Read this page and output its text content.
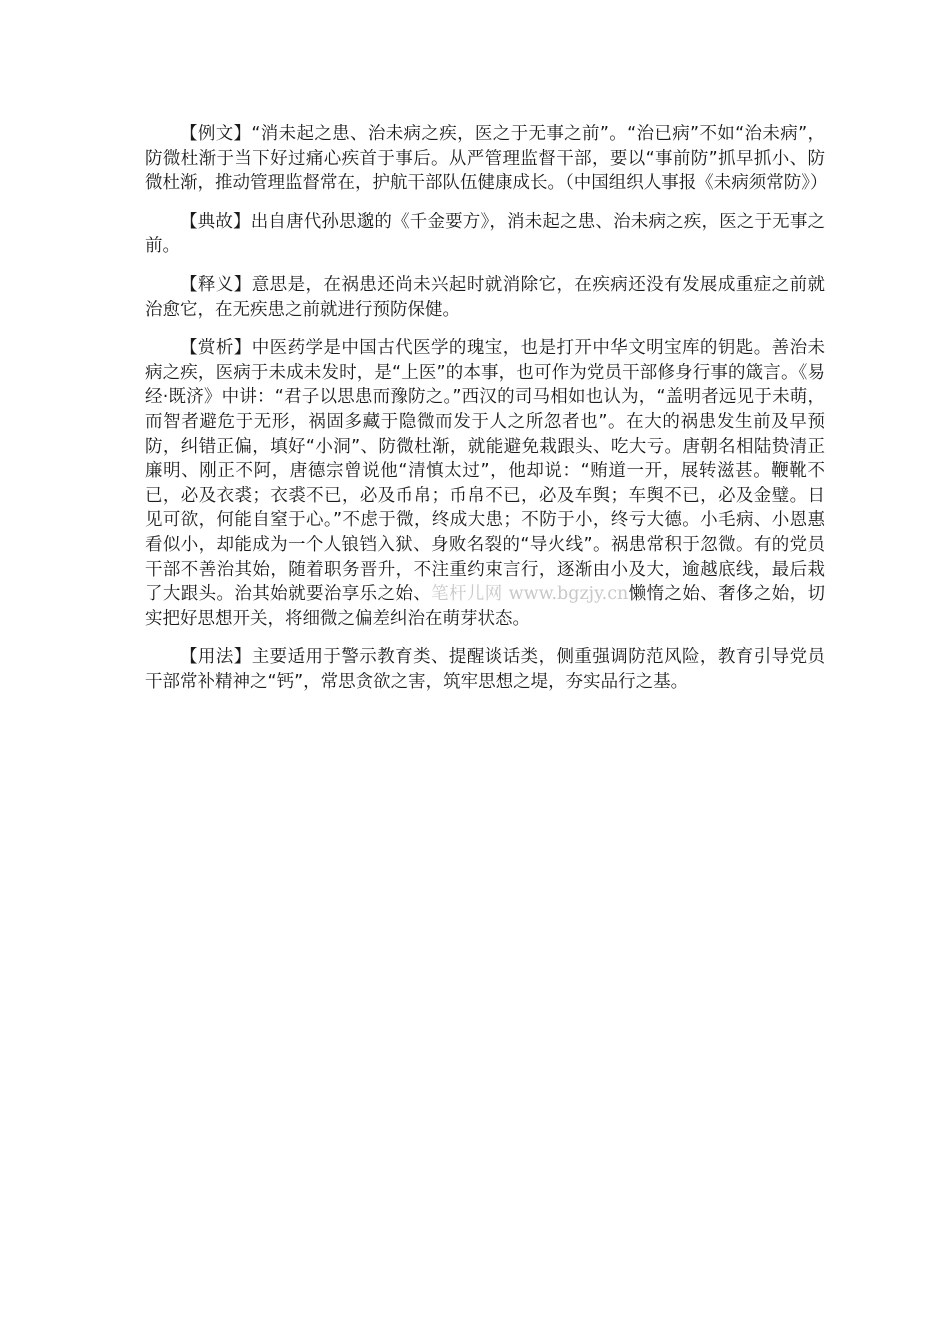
【例文】“消未起之患、治未病之疾，医之于无事之前”。“治已病”不如“治未病”，防微杜渐于当下好过痛心疾首于事后。从严管理监督干部，要以“事前防”抓早抓小、防微杜渐，推动管理监督常在，护航干部队伍健康成长。（中国组织人事报《未病须常防》）

【典故】出自唐代孙思邈的《千金要方》，消未起之患、治未病之疾，医之于无事之前。

【释义】意思是，在祸患还尚未兴起时就消除它，在疾病还没有发展成重症之前就治愈它，在无疾患之前就进行预防保健。

【赏析】中医药学是中国古代医学的瑰宝，也是打开中华文明宝库的钥匙。善治未病之疾，医病于未成未发时，是“上医”的本事，也可作为党员干部修身行事的箴言。《易经·既济》中讲：“君子以思患而豫防之。”西汉的司马相如也认为，“盖明者远见于未萌，而智者避危于无形，祸固多藏于隐微而发于人之所忽者也”。在大的祸患发生前及早预防，纠错正偏，填好“小洞”、防微杜渐，就能避免栽跟头、吃大亏。唐朝名相陆贽清正廉明、刚正不阿，唐德宗曾说他“清慎太过”，他却说：“贿道一开，展转滋甚。鞭靴不已，必及衣裘；衣裘不已，必及币帛；币帛不已，必及车舆；车舆不已，必及金璧。日见可欲，何能自窒于心。”不虑于微，终成大患；不防于小，终亏大德。小毛病、小恩惠看似小，却能成为一个人锒铛入狱、身败名裂的“导火线”。祸患常积于忽微。有的党员干部不善治其始，随着职务晋升，不注重约束言行，逐渐由小及大，逾越底线，最后栽了大跟头。治其始就要治享乐之始、笔杆儿网 www.bgzjy.cn懒惰之始、奢侈之始，切实把好思想开关，将细微之偏差纠治在萌芽状态。

【用法】主要适用于警示教育类、提醒谈话类，侧重强调防范风险，教育引导党员干部常补精神之“钙”，常思贪欲之害，筑牢思想之堤，夯实品行之基。
